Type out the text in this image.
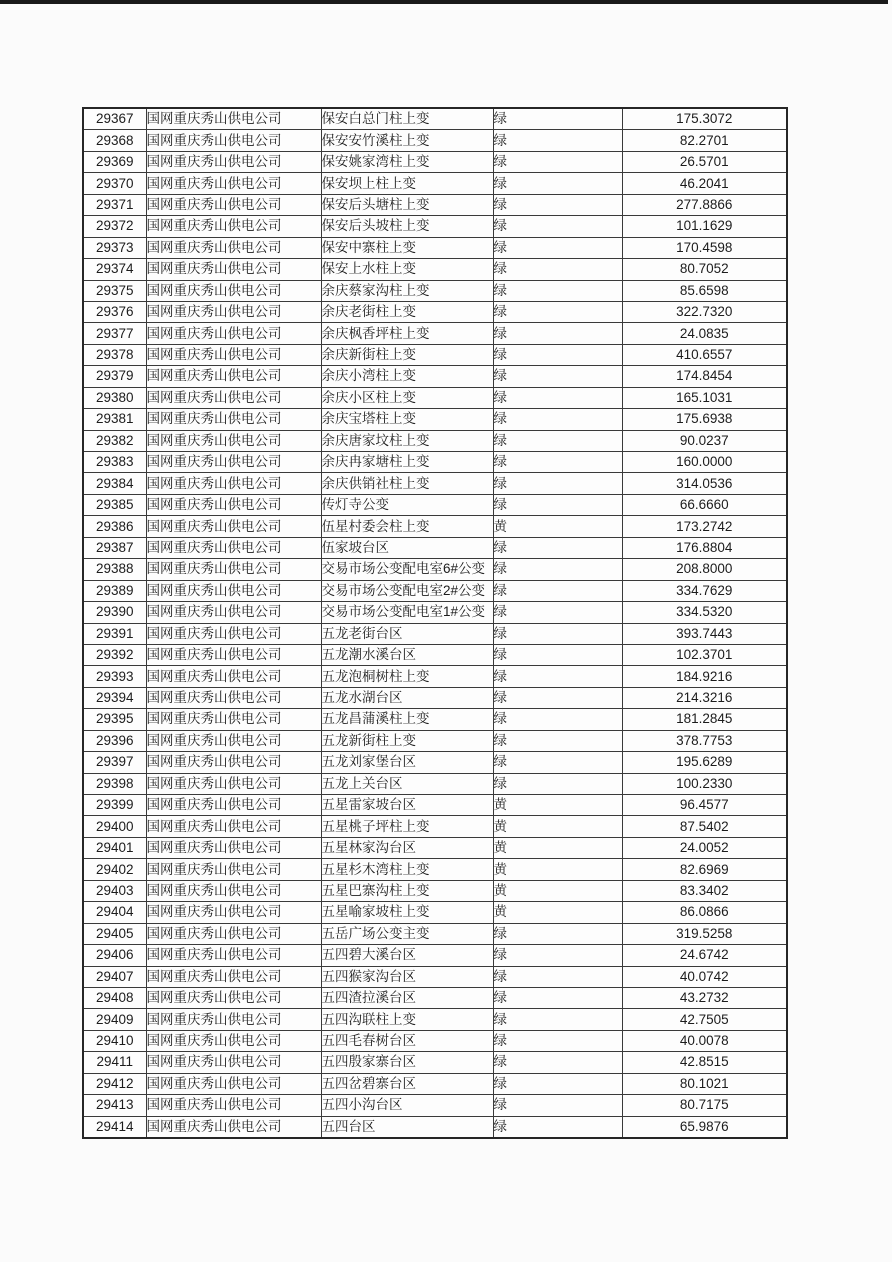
29367	国网重庆秀山供电公司	保安白总门柱上变	绿	175.3072
29368	国网重庆秀山供电公司	保安安竹溪柱上变	绿	82.2701
29369	国网重庆秀山供电公司	保安姚家湾柱上变	绿	26.5701
29370	国网重庆秀山供电公司	保安坝上柱上变	绿	46.2041
29371	国网重庆秀山供电公司	保安后头塘柱上变	绿	277.8866
29372	国网重庆秀山供电公司	保安后头坡柱上变	绿	101.1629
29373	国网重庆秀山供电公司	保安中寨柱上变	绿	170.4598
29374	国网重庆秀山供电公司	保安上水柱上变	绿	80.7052
29375	国网重庆秀山供电公司	余庆蔡家沟柱上变	绿	85.6598
29376	国网重庆秀山供电公司	余庆老街柱上变	绿	322.7320
29377	国网重庆秀山供电公司	余庆枫香坪柱上变	绿	24.0835
29378	国网重庆秀山供电公司	余庆新街柱上变	绿	410.6557
29379	国网重庆秀山供电公司	余庆小湾柱上变	绿	174.8454
29380	国网重庆秀山供电公司	余庆小区柱上变	绿	165.1031
29381	国网重庆秀山供电公司	余庆宝塔柱上变	绿	175.6938
29382	国网重庆秀山供电公司	余庆唐家坟柱上变	绿	90.0237
29383	国网重庆秀山供电公司	余庆冉家塘柱上变	绿	160.0000
29384	国网重庆秀山供电公司	余庆供销社柱上变	绿	314.0536
29385	国网重庆秀山供电公司	传灯寺公变	绿	66.6660
29386	国网重庆秀山供电公司	伍星村委会柱上变	黄	173.2742
29387	国网重庆秀山供电公司	伍家坡台区	绿	176.8804
29388	国网重庆秀山供电公司	交易市场公变配电室6#公变	绿	208.8000
29389	国网重庆秀山供电公司	交易市场公变配电室2#公变	绿	334.7629
29390	国网重庆秀山供电公司	交易市场公变配电室1#公变	绿	334.5320
29391	国网重庆秀山供电公司	五龙老街台区	绿	393.7443
29392	国网重庆秀山供电公司	五龙潮水溪台区	绿	102.3701
29393	国网重庆秀山供电公司	五龙泡桐树柱上变	绿	184.9216
29394	国网重庆秀山供电公司	五龙水湖台区	绿	214.3216
29395	国网重庆秀山供电公司	五龙昌蒲溪柱上变	绿	181.2845
29396	国网重庆秀山供电公司	五龙新街柱上变	绿	378.7753
29397	国网重庆秀山供电公司	五龙刘家堡台区	绿	195.6289
29398	国网重庆秀山供电公司	五龙上关台区	绿	100.2330
29399	国网重庆秀山供电公司	五星雷家坡台区	黄	96.4577
29400	国网重庆秀山供电公司	五星桃子坪柱上变	黄	87.5402
29401	国网重庆秀山供电公司	五星林家沟台区	黄	24.0052
29402	国网重庆秀山供电公司	五星杉木湾柱上变	黄	82.6969
29403	国网重庆秀山供电公司	五星巴寨沟柱上变	黄	83.3402
29404	国网重庆秀山供电公司	五星喻家坡柱上变	黄	86.0866
29405	国网重庆秀山供电公司	五岳广场公变主变	绿	319.5258
29406	国网重庆秀山供电公司	五四碧大溪台区	绿	24.6742
29407	国网重庆秀山供电公司	五四猴家沟台区	绿	40.0742
29408	国网重庆秀山供电公司	五四渣拉溪台区	绿	43.2732
29409	国网重庆秀山供电公司	五四沟联柱上变	绿	42.7505
29410	国网重庆秀山供电公司	五四毛春树台区	绿	40.0078
29411	国网重庆秀山供电公司	五四殷家寨台区	绿	42.8515
29412	国网重庆秀山供电公司	五四岔碧寨台区	绿	80.1021
29413	国网重庆秀山供电公司	五四小沟台区	绿	80.7175
29414	国网重庆秀山供电公司	五四台区	绿	65.9876
